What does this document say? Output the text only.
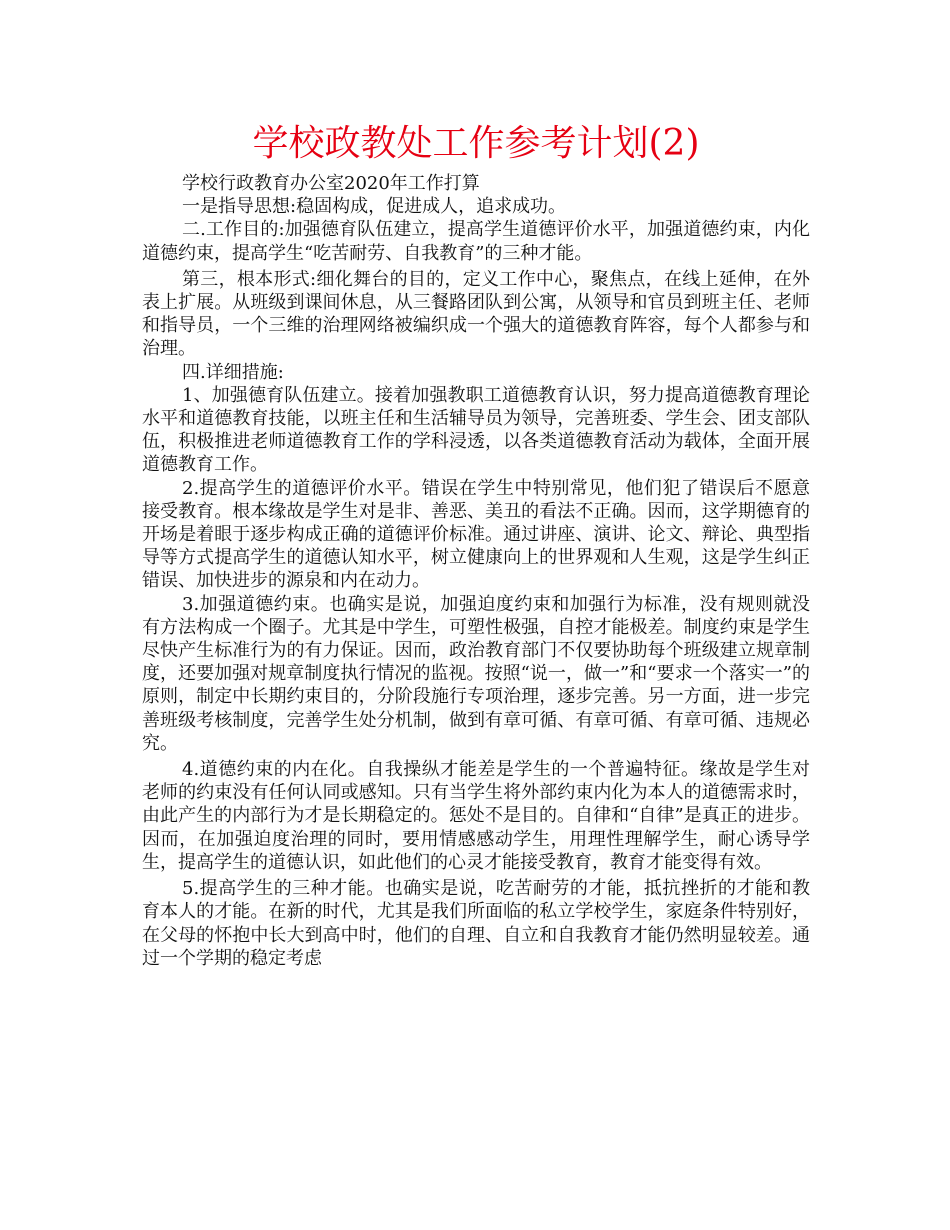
学校政教处工作参考计划(2)

学校行政教育办公室2020年工作打算

一是指导思想:稳固构成，促进成人，追求成功。

二.工作目的:加强德育队伍建立，提高学生道德评价水平，加强道德约束，内化道德约束，提高学生“吃苦耐劳、自我教育”的三种才能。

第三，根本形式:细化舞台的目的，定义工作中心，聚焦点，在线上延伸，在外表上扩展。从班级到课间休息，从三餐路团队到公寓，从领导和官员到班主任、老师和指导员，一个三维的治理网络被编织成一个强大的道德教育阵容，每个人都参与和治理。

四.详细措施:

1、加强德育队伍建立。接着加强教职工道德教育认识，努力提高道德教育理论水平和道德教育技能，以班主任和生活辅导员为领导，完善班委、学生会、团支部队伍，积极推进老师道德教育工作的学科浸透，以各类道德教育活动为载体，全面开展道德教育工作。

2.提高学生的道德评价水平。错误在学生中特别常见，他们犯了错误后不愿意接受教育。根本缘故是学生对是非、善恶、美丑的看法不正确。因而，这学期德育的开场是着眼于逐步构成正确的道德评价标准。通过讲座、演讲、论文、辩论、典型指导等方式提高学生的道德认知水平，树立健康向上的世界观和人生观，这是学生纠正错误、加快进步的源泉和内在动力。

3.加强道德约束。也确实是说，加强迫度约束和加强行为标准，没有规则就没有方法构成一个圈子。尤其是中学生，可塑性极强，自控才能极差。制度约束是学生尽快产生标准行为的有力保证。因而，政治教育部门不仅要协助每个班级建立规章制度，还要加强对规章制度执行情况的监视。按照“说一，做一”和“要求一个落实一”的原则，制定中长期约束目的，分阶段施行专项治理，逐步完善。另一方面，进一步完善班级考核制度，完善学生处分机制，做到有章可循、有章可循、有章可循、违规必究。

4.道德约束的内在化。自我操纵才能差是学生的一个普遍特征。缘故是学生对老师的约束没有任何认同或感知。只有当学生将外部约束内化为本人的道德需求时，由此产生的内部行为才是长期稳定的。惩处不是目的。自律和“自律”是真正的进步。因而，在加强迫度治理的同时，要用情感感动学生，用理性理解学生，耐心诱导学生，提高学生的道德认识，如此他们的心灵才能接受教育，教育才能变得有效。

5.提高学生的三种才能。也确实是说，吃苦耐劳的才能，抵抗挫折的才能和教育本人的才能。在新的时代，尤其是我们所面临的私立学校学生，家庭条件特别好，在父母的怀抱中长大到高中时，他们的自理、自立和自我教育才能仍然明显较差。通过一个学期的稳定考虑
